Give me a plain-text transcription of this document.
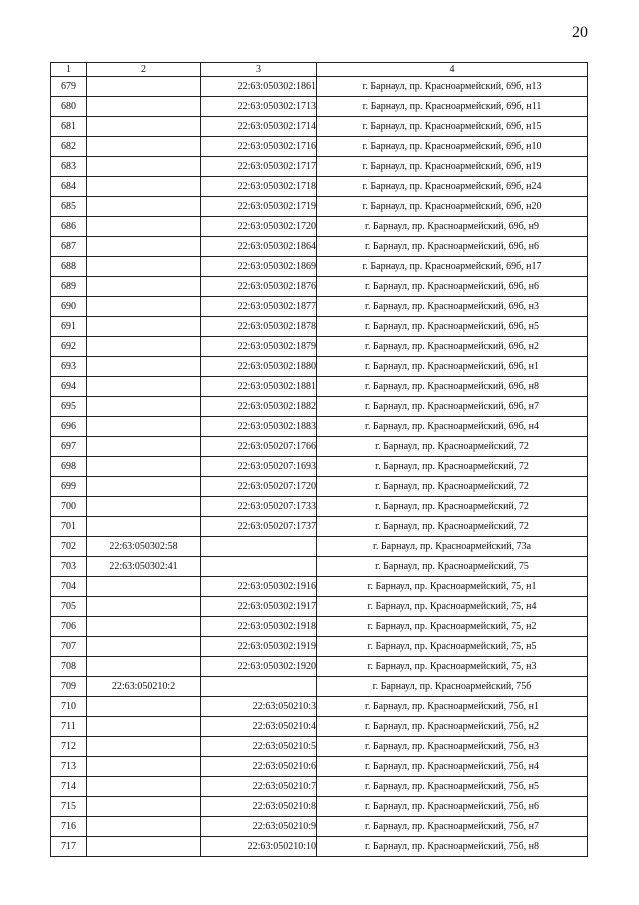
20
1	2	3	4
679		22:63:050302:1861	г. Барнаул, пр. Красноармейский, 69б, н13
680		22:63:050302:1713	г. Барнаул, пр. Красноармейский, 69б, н11
681		22:63:050302:1714	г. Барнаул, пр. Красноармейский, 69б, н15
682		22:63:050302:1716	г. Барнаул, пр. Красноармейский, 69б, н10
683		22:63:050302:1717	г. Барнаул, пр. Красноармейский, 69б, н19
684		22:63:050302:1718	г. Барнаул, пр. Красноармейский, 69б, н24
685		22:63:050302:1719	г. Барнаул, пр. Красноармейский, 69б, н20
686		22:63:050302:1720	г. Барнаул, пр. Красноармейский, 69б, н9
687		22:63:050302:1864	г. Барнаул, пр. Красноармейский, 69б, н6
688		22:63:050302:1869	г. Барнаул, пр. Красноармейский, 69б, н17
689		22:63:050302:1876	г. Барнаул, пр. Красноармейский, 69б, н6
690		22:63:050302:1877	г. Барнаул, пр. Красноармейский, 69б, н3
691		22:63:050302:1878	г. Барнаул, пр. Красноармейский, 69б, н5
692		22:63:050302:1879	г. Барнаул, пр. Красноармейский, 69б, н2
693		22:63:050302:1880	г. Барнаул, пр. Красноармейский, 69б, н1
694		22:63:050302:1881	г. Барнаул, пр. Красноармейский, 69б, н8
695		22:63:050302:1882	г. Барнаул, пр. Красноармейский, 69б, н7
696		22:63:050302:1883	г. Барнаул, пр. Красноармейский, 69б, н4
697		22:63:050207:1766	г. Барнаул, пр. Красноармейский, 72
698		22:63:050207:1693	г. Барнаул, пр. Красноармейский, 72
699		22:63:050207:1720	г. Барнаул, пр. Красноармейский, 72
700		22:63:050207:1733	г. Барнаул, пр. Красноармейский, 72
701		22:63:050207:1737	г. Барнаул, пр. Красноармейский, 72
702	22:63:050302:58		г. Барнаул, пр. Красноармейский, 73а
703	22:63:050302:41		г. Барнаул, пр. Красноармейский, 75
704		22:63:050302:1916	г. Барнаул, пр. Красноармейский, 75, н1
705		22:63:050302:1917	г. Барнаул, пр. Красноармейский, 75, н4
706		22:63:050302:1918	г. Барнаул, пр. Красноармейский, 75, н2
707		22:63:050302:1919	г. Барнаул, пр. Красноармейский, 75, н5
708		22:63:050302:1920	г. Барнаул, пр. Красноармейский, 75, н3
709	22:63:050210:2		г. Барнаул, пр. Красноармейский, 75б
710		22:63:050210:3	г. Барнаул, пр. Красноармейский, 75б, н1
711		22:63:050210:4	г. Барнаул, пр. Красноармейский, 75б, н2
712		22:63:050210:5	г. Барнаул, пр. Красноармейский, 75б, н3
713		22:63:050210:6	г. Барнаул, пр. Красноармейский, 75б, н4
714		22:63:050210:7	г. Барнаул, пр. Красноармейский, 75б, н5
715		22:63:050210:8	г. Барнаул, пр. Красноармейский, 75б, н6
716		22:63:050210:9	г. Барнаул, пр. Красноармейский, 75б, н7
717		22:63:050210:10	г. Барнаул, пр. Красноармейский, 75б, н8
